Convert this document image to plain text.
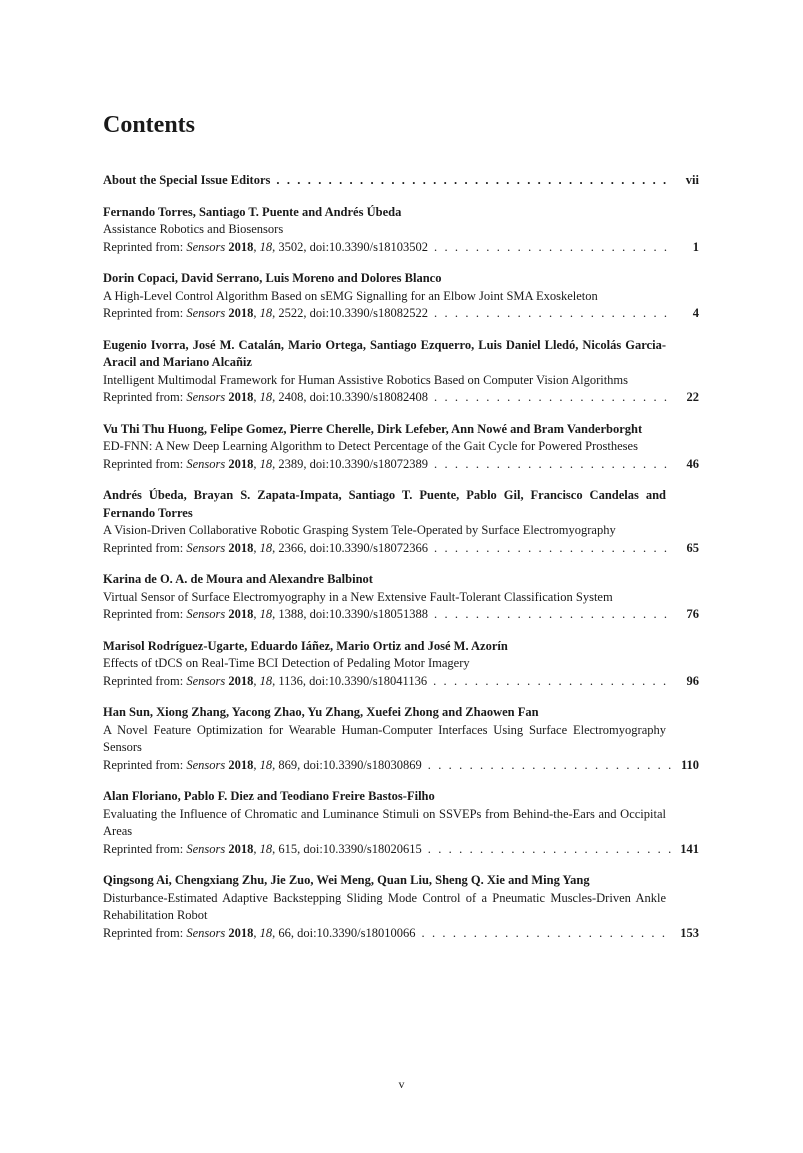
Contents
About the Special Issue Editors . . .	vii
Fernando Torres, Santiago T. Puente and Andrés Úbeda
Assistance Robotics and Biosensors
Reprinted from: Sensors 2018, 18, 3502, doi:10.3390/s18103502 . . .	1
Dorin Copaci, David Serrano, Luis Moreno and Dolores Blanco
A High-Level Control Algorithm Based on sEMG Signalling for an Elbow Joint SMA Exoskeleton
Reprinted from: Sensors 2018, 18, 2522, doi:10.3390/s18082522 . . .	4
Eugenio Ivorra, José M. Catalán, Mario Ortega, Santiago Ezquerro, Luis Daniel Lledó, Nicolás Garcia-Aracil and Mariano Alcañiz
Intelligent Multimodal Framework for Human Assistive Robotics Based on Computer Vision Algorithms
Reprinted from: Sensors 2018, 18, 2408, doi:10.3390/s18082408 . . .	22
Vu Thi Thu Huong, Felipe Gomez, Pierre Cherelle, Dirk Lefeber, Ann Nowé and Bram Vanderborght
ED-FNN: A New Deep Learning Algorithm to Detect Percentage of the Gait Cycle for Powered Prostheses
Reprinted from: Sensors 2018, 18, 2389, doi:10.3390/s18072389 . . .	46
Andrés Úbeda, Brayan S. Zapata-Impata, Santiago T. Puente, Pablo Gil, Francisco Candelas and Fernando Torres
A Vision-Driven Collaborative Robotic Grasping System Tele-Operated by Surface Electromyography
Reprinted from: Sensors 2018, 18, 2366, doi:10.3390/s18072366 . . .	65
Karina de O. A. de Moura and Alexandre Balbinot
Virtual Sensor of Surface Electromyography in a New Extensive Fault-Tolerant Classification System
Reprinted from: Sensors 2018, 18, 1388, doi:10.3390/s18051388 . . .	76
Marisol Rodríguez-Ugarte, Eduardo Iáñez, Mario Ortiz and José M. Azorín
Effects of tDCS on Real-Time BCI Detection of Pedaling Motor Imagery
Reprinted from: Sensors 2018, 18, 1136, doi:10.3390/s18041136 . . .	96
Han Sun, Xiong Zhang, Yacong Zhao, Yu Zhang, Xuefei Zhong and Zhaowen Fan
A Novel Feature Optimization for Wearable Human-Computer Interfaces Using Surface Electromyography Sensors
Reprinted from: Sensors 2018, 18, 869, doi:10.3390/s18030869 . . .	110
Alan Floriano, Pablo F. Diez and Teodiano Freire Bastos-Filho
Evaluating the Influence of Chromatic and Luminance Stimuli on SSVEPs from Behind-the-Ears and Occipital Areas
Reprinted from: Sensors 2018, 18, 615, doi:10.3390/s18020615 . . .	141
Qingsong Ai, Chengxiang Zhu, Jie Zuo, Wei Meng, Quan Liu, Sheng Q. Xie and Ming Yang
Disturbance-Estimated Adaptive Backstepping Sliding Mode Control of a Pneumatic Muscles-Driven Ankle Rehabilitation Robot
Reprinted from: Sensors 2018, 18, 66, doi:10.3390/s18010066 . . .	153
v
